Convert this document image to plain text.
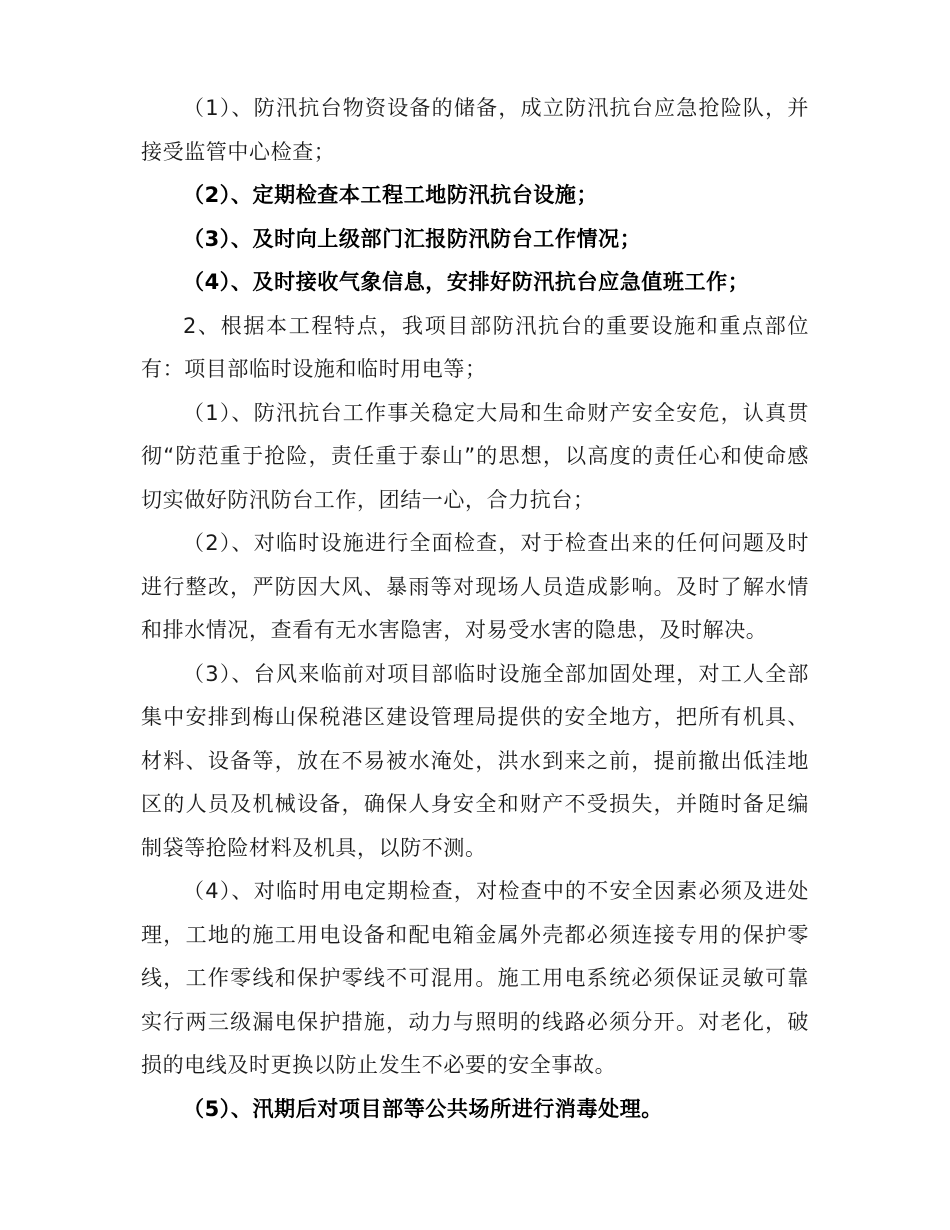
（1）、防汛抗台物资设备的储备，成立防汛抗台应急抢险队，并接受监管中心检查；

（2）、定期检查本工程工地防汛抗台设施；

（3）、及时向上级部门汇报防汛防台工作情况；

（4）、及时接收气象信息，安排好防汛抗台应急值班工作；

2、根据本工程特点，我项目部防汛抗台的重要设施和重点部位有：项目部临时设施和临时用电等；

（1）、防汛抗台工作事关稳定大局和生命财产安全安危，认真贯彻“防范重于抢险，责任重于泰山”的思想，以高度的责任心和使命感切实做好防汛防台工作，团结一心，合力抗台；

（2）、对临时设施进行全面检查，对于检查出来的任何问题及时进行整改，严防因大风、暴雨等对现场人员造成影响。及时了解水情和排水情况，查看有无水害隐害，对易受水害的隐患，及时解决。

（3）、台风来临前对项目部临时设施全部加固处理，对工人全部集中安排到梅山保税港区建设管理局提供的安全地方，把所有机具、材料、设备等，放在不易被水淹处，洪水到来之前，提前撤出低洼地区的人员及机械设备，确保人身安全和财产不受损失，并随时备足编制袋等抢险材料及机具，以防不测。

（4）、对临时用电定期检查，对检查中的不安全因素必须及进处理，工地的施工用电设备和配电箱金属外壳都必须连接专用的保护零线，工作零线和保护零线不可混用。施工用电系统必须保证灵敏可靠实行两三级漏电保护措施，动力与照明的线路必须分开。对老化，破损的电线及时更换以防止发生不必要的安全事故。

（5）、汛期后对项目部等公共场所进行消毒处理。
